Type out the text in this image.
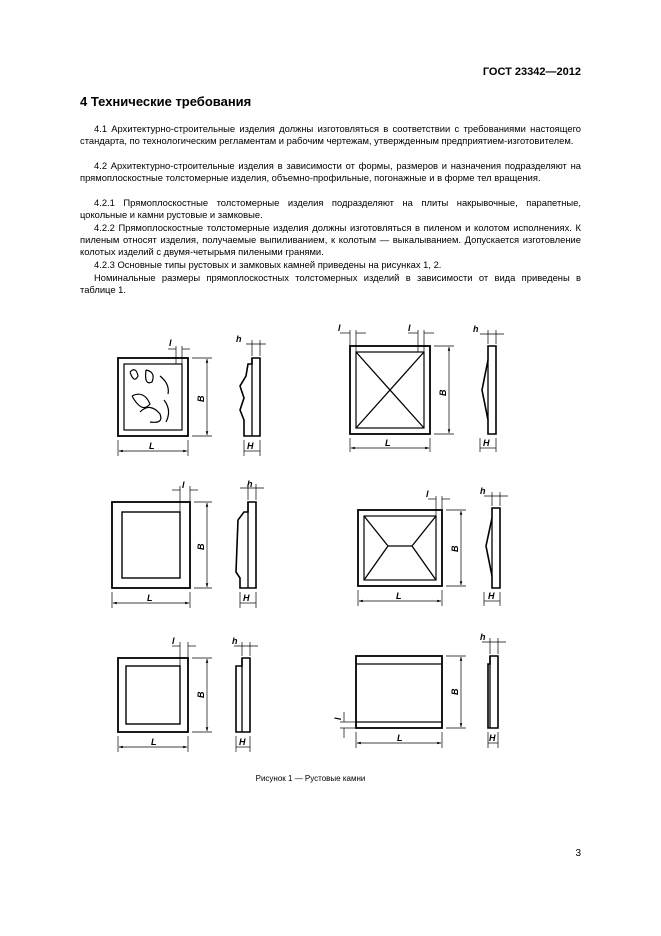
ГОСТ 23342—2012
4 Технические требования

4.1 Архитектурно-строительные изделия должны изготовляться в соответствии с требованиями настоящего стандарта, по технологическим регламентам и рабочим чертежам, утвержденным предприятием-изготовителем.

4.2 Архитектурно-строительные изделия в зависимости от формы, размеров и назначения подразделяют на прямоплоскостные толстомерные изделия, объемно-профильные, погонажные и в форме тел вращения.

4.2.1 Прямоплоскостные толстомерные изделия подразделяют на плиты накрывочные, парапетные, цокольные и камни рустовые и замковые.

4.2.2 Прямоплоскостные толстомерные изделия должны изготовляться в пиленом и колотом исполнениях. К пиленым относят изделия, получаемые выпиливанием, к колотым — выкалыванием. Допускается изготовление колотых изделий с двумя-четырьмя пилеными гранями.

4.2.3 Основные типы рустовых и замковых камней приведены на рисунках 1, 2.

Номинальные размеры прямоплоскостных толстомерных изделий в зависимости от вида приведены в таблице 1.

L
B
l
H
h
L
B
l	l
H
h
L
B
l
H
h
L
B
l
H
h
L
B
l
H
h
L
B
l
H
h
Рисунок 1 — Рустовые камни
3
